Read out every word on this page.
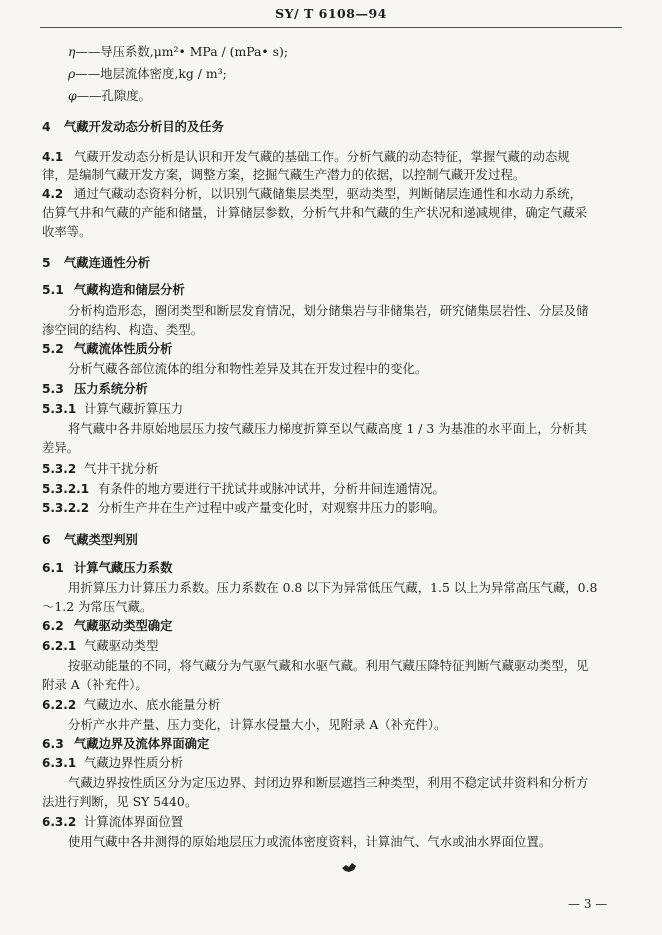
SY/ T 6108—94
η——导压系数,μm²• MPa / (mPa• s);
ρ——地层流体密度,kg / m³;
φ——孔隙度。
4 气藏开发动态分析目的及任务
4.1 气藏开发动态分析是认识和开发气藏的基础工作。分析气藏的动态特征，掌握气藏的动态规
律，是编制气藏开发方案，调整方案，挖掘气藏生产潜力的依据，以控制气藏开发过程。
4.2 通过气藏动态资料分析，以识别气藏储集层类型，驱动类型，判断储层连通性和水动力系统，
估算气井和气藏的产能和储量，计算储层参数，分析气井和气藏的生产状况和递减规律，确定气藏采
收率等。
5 气藏连通性分析
5.1 气藏构造和储层分析
分析构造形态，圈闭类型和断层发育情况，划分储集岩与非储集岩，研究储集层岩性、分层及储
渗空间的结构、构造、类型。
5.2 气藏流体性质分析
分析气藏各部位流体的组分和物性差异及其在开发过程中的变化。
5.3 压力系统分析
5.3.1 计算气藏折算压力
将气藏中各井原始地层压力按气藏压力梯度折算至以气藏高度 1 / 3 为基准的水平面上，分析其
差异。
5.3.2 气井干扰分析
5.3.2.1 有条件的地方要进行干扰试井或脉冲试井，分析井间连通情况。
5.3.2.2 分析生产井在生产过程中或产量变化时，对观察井压力的影响。
6 气藏类型判别
6.1 计算气藏压力系数
用折算压力计算压力系数。压力系数在 0.8 以下为异常低压气藏，1.5 以上为异常高压气藏，0.8
～1.2 为常压气藏。
6.2 气藏驱动类型确定
6.2.1 气藏驱动类型
按驱动能量的不同，将气藏分为气驱气藏和水驱气藏。利用气藏压降特征判断气藏驱动类型，见
附录 A（补充件）。
6.2.2 气藏边水、底水能量分析
分析产水井产量、压力变化，计算水侵量大小，见附录 A（补充件）。
6.3 气藏边界及流体界面确定
6.3.1 气藏边界性质分析
气藏边界按性质区分为定压边界、封闭边界和断层遮挡三种类型，利用不稳定试井资料和分析方
法进行判断，见 SY 5440。
6.3.2 计算流体界面位置
使用气藏中各井测得的原始地层压力或流体密度资料，计算油气、气水或油水界面位置。
— 3 —
